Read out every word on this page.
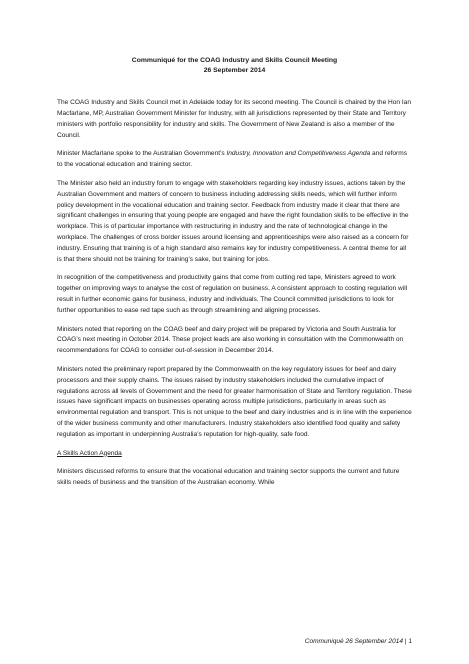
Communiqué for the COAG Industry and Skills Council Meeting
26 September 2014

The COAG Industry and Skills Council met in Adelaide today for its second meeting. The Council is chaired by the Hon Ian Macfarlane, MP, Australian Government Minister for Industry, with all jurisdictions represented by their State and Territory ministers with portfolio responsibility for industry and skills. The Government of New Zealand is also a member of the Council.

Minister Macfarlane spoke to the Australian Government’s Industry, Innovation and Competitiveness Agenda and reforms to the vocational education and training sector.

The Minister also held an industry forum to engage with stakeholders regarding key industry issues, actions taken by the Australian Government and matters of concern to business including addressing skills needs, which will further inform policy development in the vocational education and training sector. Feedback from industry made it clear that there are significant challenges in ensuring that young people are engaged and have the right foundation skills to be effective in the workplace. This is of particular importance with restructuring in industry and the rate of technological change in the workplace. The challenges of cross border issues around licensing and apprenticeships were also raised as a concern for industry. Ensuring that training is of a high standard also remains key for industry competitiveness. A central theme for all is that there should not be training for training’s sake, but training for jobs.

In recognition of the competitiveness and productivity gains that come from cutting red tape, Ministers agreed to work together on improving ways to analyse the cost of regulation on business. A consistent approach to costing regulation will result in further economic gains for business, industry and individuals. The Council committed jurisdictions to look for further opportunities to ease red tape such as through streamlining and aligning processes.

Ministers noted that reporting on the COAG beef and dairy project will be prepared by Victoria and South Australia for COAG’s next meeting in October 2014. These project leads are also working in consultation with the Commonwealth on recommendations for COAG to consider out-of-session in December 2014.

Ministers noted the preliminary report prepared by the Commonwealth on the key regulatory issues for beef and dairy processors and their supply chains. The issues raised by industry stakeholders included the cumulative impact of regulations across all levels of Government and the need for greater harmonisation of State and Territory regulation. These issues have significant impacts on businesses operating across multiple jurisdictions, particularly in areas such as environmental regulation and transport. This is not unique to the beef and dairy industries and is in line with the experience of the wider business community and other manufacturers. Industry stakeholders also identified food quality and safety regulation as important in underpinning Australia’s reputation for high-quality, safe food.

A Skills Action Agenda

Ministers discussed reforms to ensure that the vocational education and training sector supports the current and future skills needs of business and the transition of the Australian economy. While

Communiqué 26 September 2014 | 1
